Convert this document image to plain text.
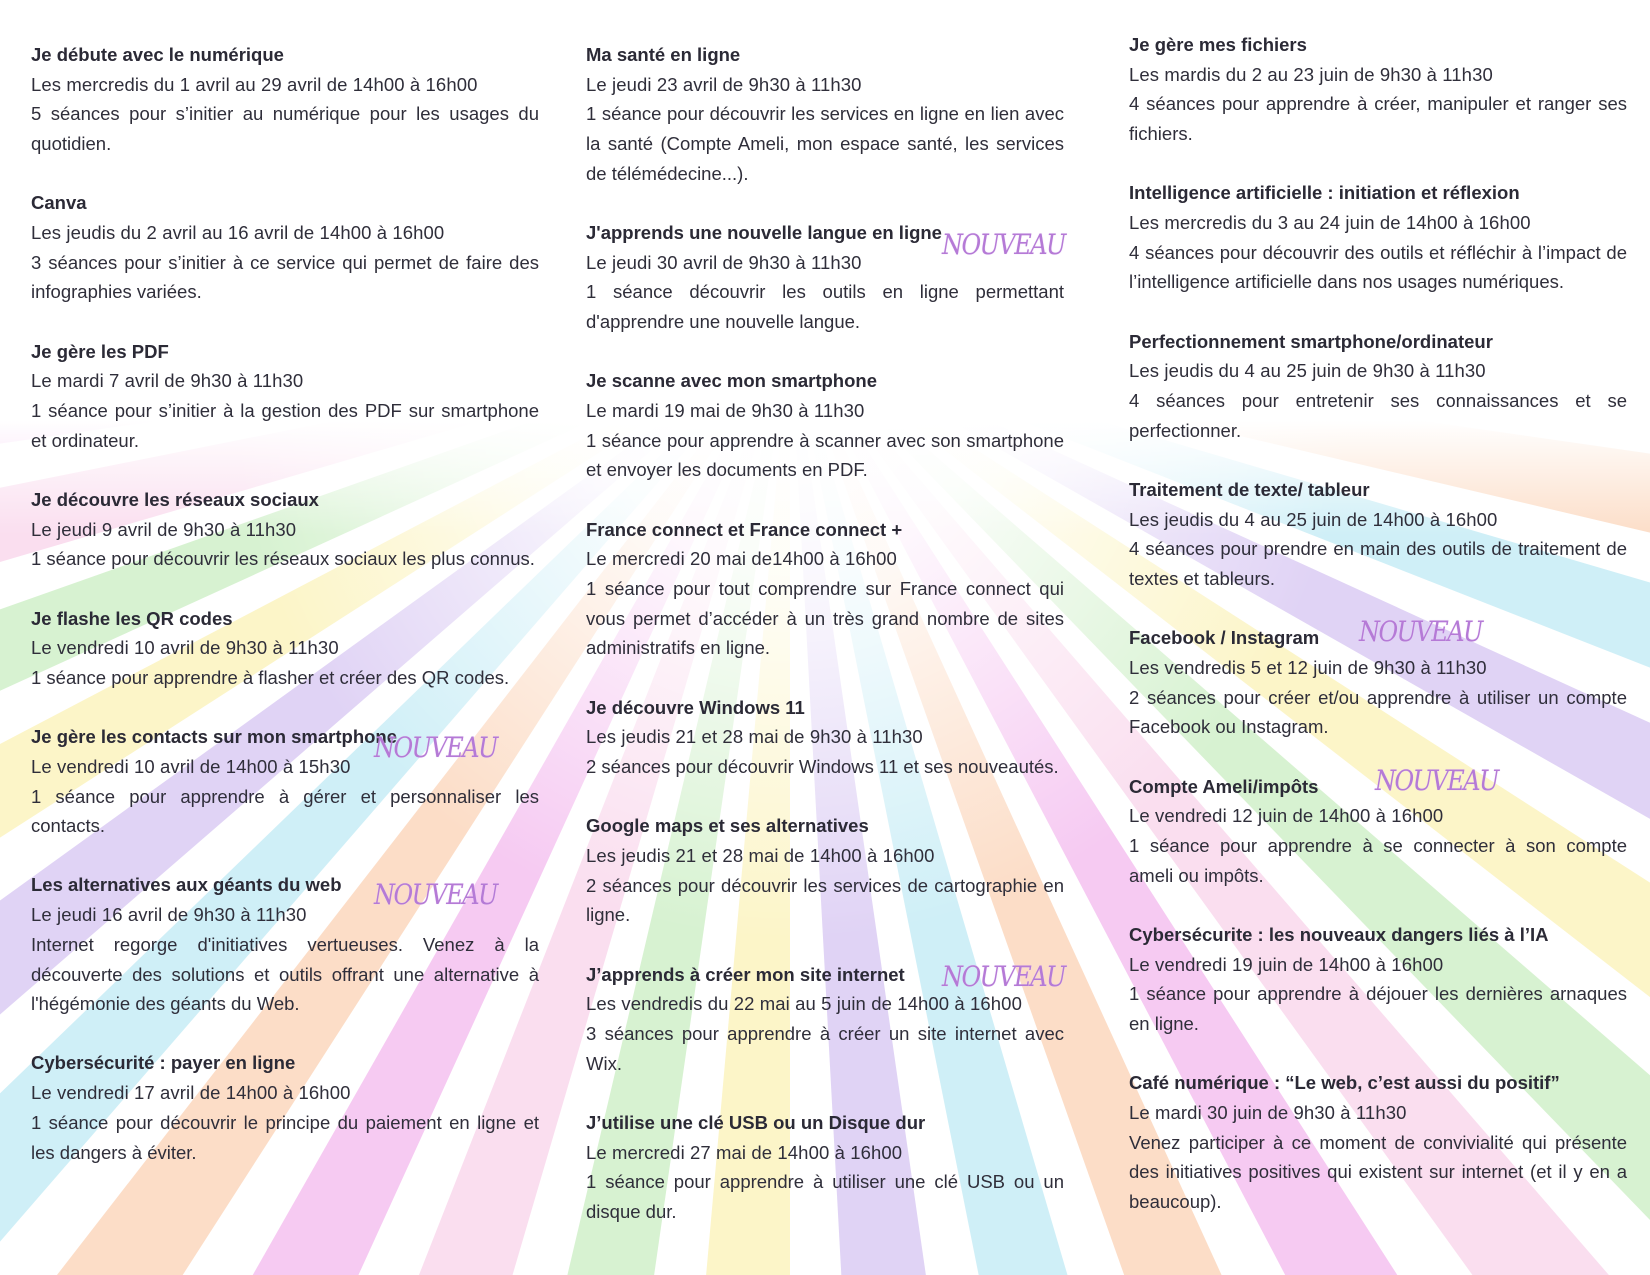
Je débute avec le numérique
Les mercredis du 1 avril au 29 avril de 14h00 à 16h00
5 séances pour s’initier au numérique pour les usages du quotidien.
Canva
Les jeudis du 2 avril au 16 avril de 14h00 à 16h00
3 séances pour s’initier à ce service qui permet de faire des infographies variées.
Je gère les PDF
Le mardi 7 avril de 9h30 à 11h30
1 séance pour s’initier à la gestion des PDF sur smartphone et ordinateur.
Je découvre les réseaux sociaux
Le jeudi 9 avril de 9h30 à 11h30
1 séance pour découvrir les réseaux sociaux les plus connus.
Je flashe les QR codes
Le vendredi 10 avril de 9h30 à 11h30
1 séance pour apprendre à flasher et créer des QR codes.
Je gère les contacts sur mon smartphone
Le vendredi 10 avril de 14h00 à 15h30
1 séance pour apprendre à gérer et personnaliser les contacts.
NOUVEAU
Les alternatives aux géants du web
Le jeudi 16 avril de 9h30 à 11h30
Internet regorge d'initiatives vertueuses. Venez à la découverte des solutions et outils offrant une alternative à l'hégémonie des géants du Web.
NOUVEAU
Cybersécurité : payer en ligne
Le vendredi 17 avril de 14h00 à 16h00
1 séance pour découvrir le principe du paiement en ligne et les dangers à éviter.
Ma santé en ligne
Le jeudi 23 avril de 9h30 à 11h30
1 séance pour découvrir les services en ligne en lien avec la santé (Compte Ameli, mon espace santé, les services de télémédecine...).
J'apprends une nouvelle langue en ligne
Le jeudi 30 avril de 9h30 à 11h30
1 séance découvrir les outils en ligne permettant d'apprendre une nouvelle langue.
NOUVEAU
Je scanne avec mon smartphone
Le mardi 19 mai de 9h30 à 11h30
1 séance pour apprendre à scanner avec son smartphone et envoyer les documents en PDF.
France connect et France connect +
Le mercredi 20 mai de14h00 à 16h00
1 séance pour tout comprendre sur France connect qui vous permet d’accéder à un très grand nombre de sites administratifs en ligne.
Je découvre Windows 11
Les jeudis 21 et 28 mai de 9h30 à 11h30
2 séances pour découvrir Windows 11 et ses nouveautés.
Google maps et ses alternatives
Les jeudis 21 et 28 mai de 14h00 à 16h00
2 séances pour découvrir les services de cartographie en ligne.
J’apprends à créer mon site internet
Les vendredis du 22 mai au 5 juin de 14h00 à 16h00
3 séances pour apprendre à créer un site internet avec Wix.
NOUVEAU
J’utilise une clé USB ou un Disque dur
Le mercredi 27 mai de 14h00 à 16h00
1 séance pour apprendre à utiliser une clé USB ou un disque dur.
Je gère mes fichiers
Les mardis du 2 au 23 juin de 9h30 à 11h30
4 séances pour apprendre à créer, manipuler et ranger ses fichiers.
Intelligence artificielle : initiation et réflexion
Les mercredis du 3 au 24 juin de 14h00 à 16h00
4 séances pour découvrir des outils et réfléchir à l’impact de l’intelligence artificielle dans nos usages numériques.
Perfectionnement smartphone/ordinateur
Les jeudis du 4 au 25 juin de 9h30 à 11h30
4 séances pour entretenir ses connaissances et se perfectionner.
Traitement de texte/ tableur
Les jeudis du 4 au 25 juin de 14h00 à 16h00
4 séances pour prendre en main des outils de traitement de textes et tableurs.
Facebook / Instagram
Les vendredis 5 et 12 juin de 9h30 à 11h30
2 séances pour créer et/ou apprendre à utiliser un compte Facebook ou Instagram.
NOUVEAU
Compte Ameli/impôts
Le vendredi 12 juin de 14h00 à 16h00
1 séance pour apprendre à se connecter à son compte ameli ou impôts.
NOUVEAU
Cybersécurite : les nouveaux dangers liés à l’IA
Le vendredi 19 juin de 14h00 à 16h00
1 séance pour apprendre à déjouer les dernières arnaques en ligne.
Café numérique : “Le web, c’est aussi du positif”
Le mardi 30 juin de 9h30 à 11h30
Venez participer à ce moment de convivialité qui présente des initiatives positives qui existent sur internet (et il y en a beaucoup).
